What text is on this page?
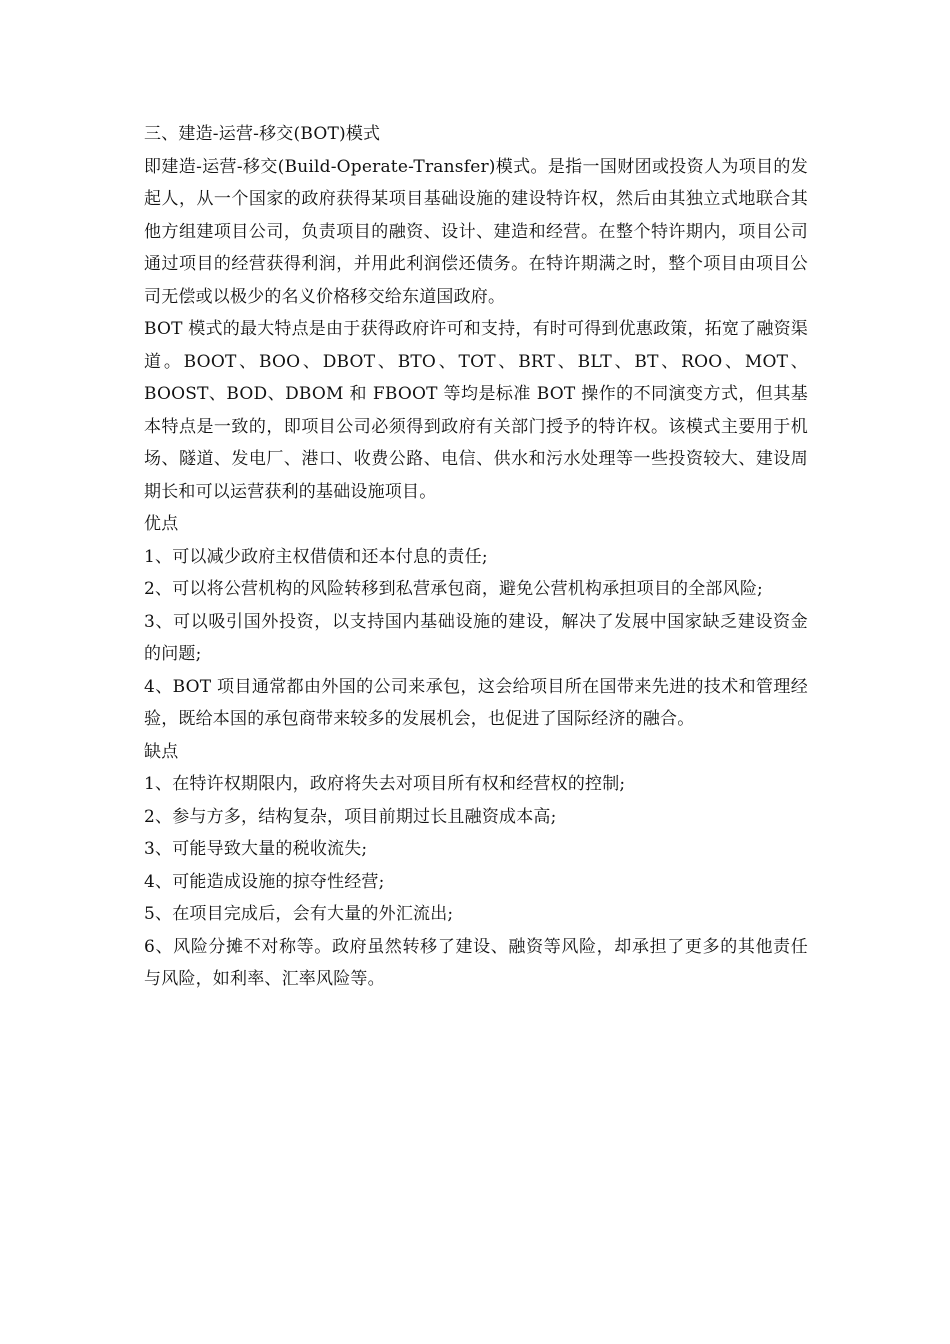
三、建造-运营-移交(BOT)模式

即建造-运营-移交(Build-Operate-Transfer)模式。是指一国财团或投资人为项目的发起人，从一个国家的政府获得某项目基础设施的建设特许权，然后由其独立式地联合其他方组建项目公司，负责项目的融资、设计、建造和经营。在整个特许期内，项目公司通过项目的经营获得利润，并用此利润偿还债务。在特许期满之时，整个项目由项目公司无偿或以极少的名义价格移交给东道国政府。

BOT 模式的最大特点是由于获得政府许可和支持，有时可得到优惠政策，拓宽了融资渠道。BOOT、BOO、DBOT、BTO、TOT、BRT、BLT、BT、ROO、MOT、BOOST、BOD、DBOM 和 FBOOT 等均是标准 BOT 操作的不同演变方式，但其基本特点是一致的，即项目公司必须得到政府有关部门授予的特许权。该模式主要用于机场、隧道、发电厂、港口、收费公路、电信、供水和污水处理等一些投资较大、建设周期长和可以运营获利的基础设施项目。

优点

1、可以减少政府主权借债和还本付息的责任;

2、可以将公营机构的风险转移到私营承包商，避免公营机构承担项目的全部风险;

3、可以吸引国外投资，以支持国内基础设施的建设，解决了发展中国家缺乏建设资金的问题;

4、BOT 项目通常都由外国的公司来承包，这会给项目所在国带来先进的技术和管理经验，既给本国的承包商带来较多的发展机会，也促进了国际经济的融合。

缺点

1、在特许权期限内，政府将失去对项目所有权和经营权的控制;

2、参与方多，结构复杂，项目前期过长且融资成本高;

3、可能导致大量的税收流失;

4、可能造成设施的掠夺性经营;

5、在项目完成后，会有大量的外汇流出;

6、风险分摊不对称等。政府虽然转移了建设、融资等风险，却承担了更多的其他责任与风险，如利率、汇率风险等。
